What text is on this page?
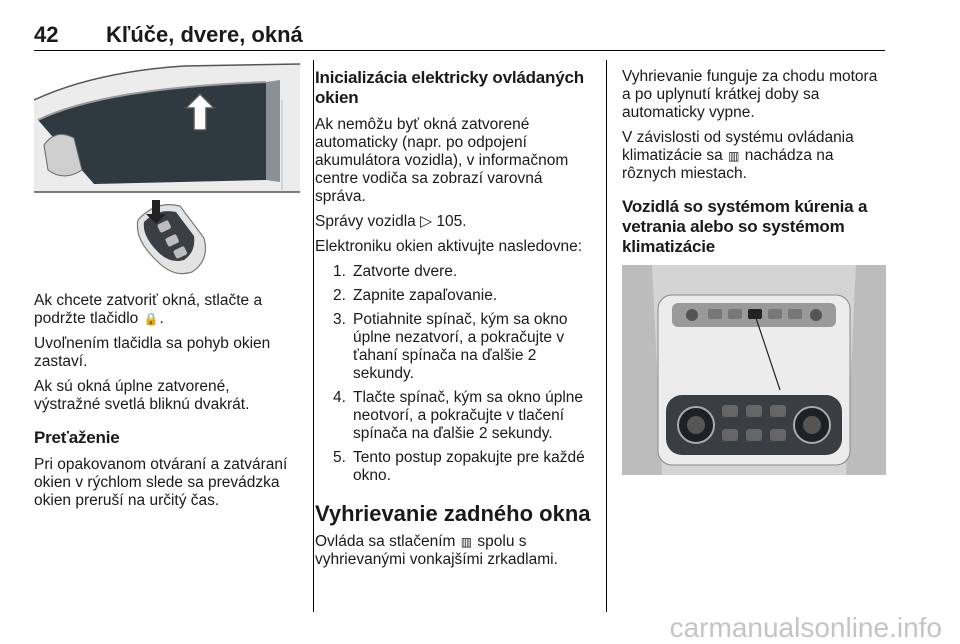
42 Kľúče, dvere, okná

Ak chcete zatvoriť okná, stlačte a podržte tlačidlo 🔒.

Uvoľnením tlačidla sa pohyb okien zastaví.

Ak sú okná úplne zatvorené, výstražné svetlá bliknú dvakrát.

Preťaženie

Pri opakovanom otváraní a zatváraní okien v rýchlom slede sa prevádzka okien preruší na určitý čas.

Inicializácia elektricky ovládaných okien

Ak nemôžu byť okná zatvorené automaticky (napr. po odpojení akumulátora vozidla), v informačnom centre vodiča sa zobrazí varovná správa.

Správy vozidla ▷ 105.

Elektroniku okien aktivujte nasledovne:

1. Zatvorte dvere.
2. Zapnite zapaľovanie.
3. Potiahnite spínač, kým sa okno úplne nezatvorí, a pokračujte v ťahaní spínača na ďalšie 2 sekundy.
4. Tlačte spínač, kým sa okno úplne neotvorí, a pokračujte v tlačení spínača na ďalšie 2 sekundy.
5. Tento postup zopakujte pre každé okno.
Vyhrievanie zadného okna

Ovláda sa stlačením ▥ spolu s vyhrievanými vonkajšími zrkadlami.

Vyhrievanie funguje za chodu motora a po uplynutí krátkej doby sa automaticky vypne.

V závislosti od systému ovládania klimatizácie sa ▥ nachádza na rôznych miestach.

Vozidlá so systémom kúrenia a vetrania alebo so systémom klimatizácie
carmanualsonline.info
